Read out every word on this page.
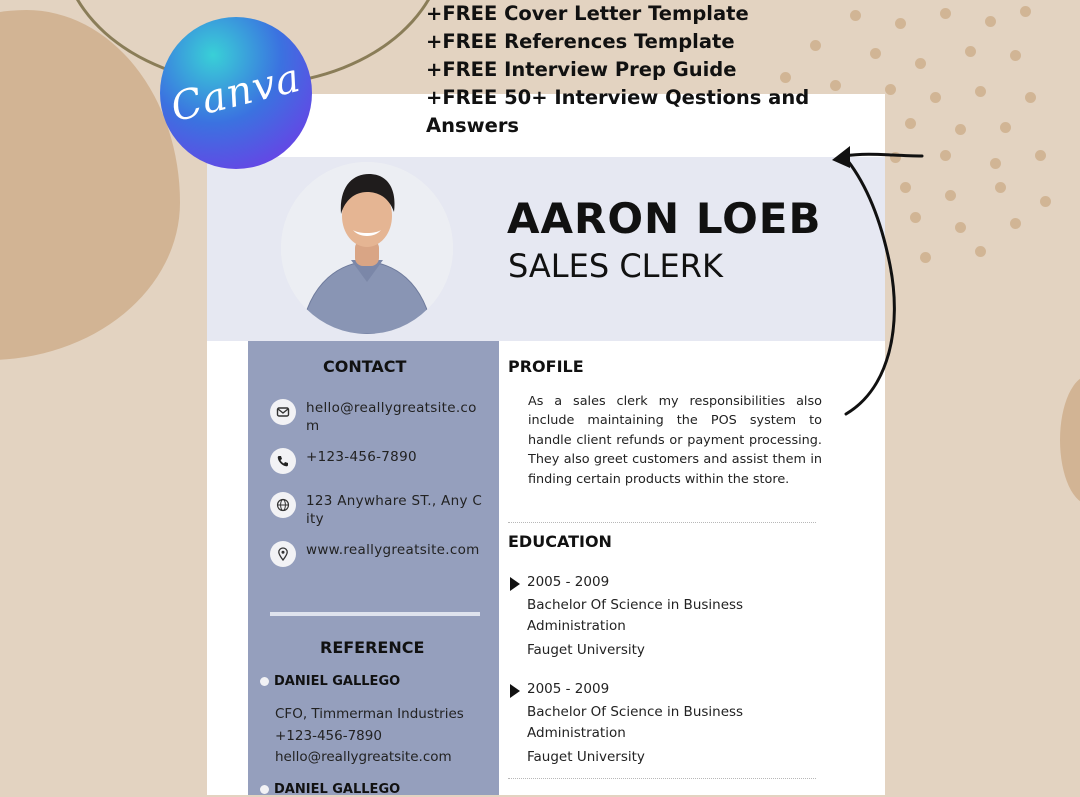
Canva
+FREE Cover Letter Template
+FREE References Template
+FREE Interview Prep Guide
+FREE 50+ Interview Qestions and Answers
AARON LOEB
SALES CLERK
CONTACT
hello@reallygreatsite.com
+123-456-7890
123 Anywhare ST., Any City
www.reallygreatsite.com
REFERENCE
DANIEL GALLEGO
CFO, Timmerman Industries
+123-456-7890
hello@reallygreatsite.com
DANIEL GALLEGO
PROFILE
As a sales clerk my responsibilities also include maintaining the POS system to handle client refunds or payment processing. They also greet customers and assist them in finding certain products within the store.
EDUCATION
2005 - 2009
Bachelor Of Science in Business Administration
Fauget University
2005 - 2009
Bachelor Of Science in Business Administration
Fauget University
